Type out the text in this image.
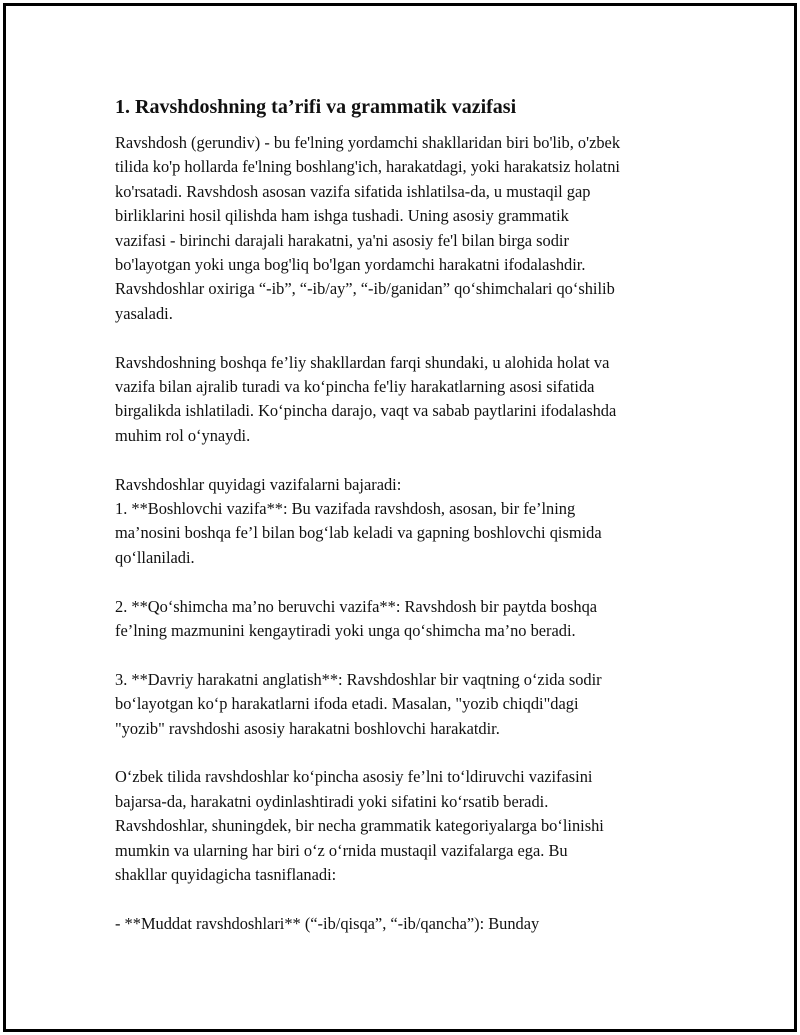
1. Ravshdoshning ta’rifi va grammatik vazifasi
Ravshdosh (gerundiv) - bu fe'lning yordamchi shakllaridan biri bo'lib, o'zbek
tilida ko'p hollarda fe'lning boshlang'ich, harakatdagi, yoki harakatsiz holatni
ko'rsatadi. Ravshdosh asosan vazifa sifatida ishlatilsa-da, u mustaqil gap
birliklarini hosil qilishda ham ishga tushadi. Uning asosiy grammatik
vazifasi - birinchi darajali harakatni, ya'ni asosiy fe'l bilan birga sodir
bo'layotgan yoki unga bog'liq bo'lgan yordamchi harakatni ifodalashdir.
Ravshdoshlar oxiriga “-ib”, “-ib/ay”, “-ib/ganidan” qo‘shimchalari qo‘shilib
yasaladi.
Ravshdoshning boshqa fe’liy shakllardan farqi shundaki, u alohida holat va
vazifa bilan ajralib turadi va ko‘pincha fe'liy harakatlarning asosi sifatida
birgalikda ishlatiladi. Ko‘pincha darajo, vaqt va sabab paytlarini ifodalashda
muhim rol o‘ynaydi.
Ravshdoshlar quyidagi vazifalarni bajaradi:
1. **Boshlovchi vazifa**: Bu vazifada ravshdosh, asosan, bir fe’lning
ma’nosini boshqa fe’l bilan bog‘lab keladi va gapning boshlovchi qismida
qo‘llaniladi.
2. **Qo‘shimcha ma’no beruvchi vazifa**: Ravshdosh bir paytda boshqa
fe’lning mazmunini kengaytiradi yoki unga qo‘shimcha ma’no beradi.
3. **Davriy harakatni anglatish**: Ravshdoshlar bir vaqtning o‘zida sodir
bo‘layotgan ko‘p harakatlarni ifoda etadi. Masalan, "yozib chiqdi"dagi
"yozib" ravshdoshi asosiy harakatni boshlovchi harakatdir.
O‘zbek tilida ravshdoshlar ko‘pincha asosiy fe’lni to‘ldiruvchi vazifasini
bajarsa-da, harakatni oydinlashtiradi yoki sifatini ko‘rsatib beradi.
Ravshdoshlar, shuningdek, bir necha grammatik kategoriyalarga bo‘linishi
mumkin va ularning har biri o‘z o‘rnida mustaqil vazifalarga ega. Bu
shakllar quyidagicha tasniflanadi:
- **Muddat ravshdoshlari** (“-ib/qisqa”, “-ib/qancha”): Bunday
